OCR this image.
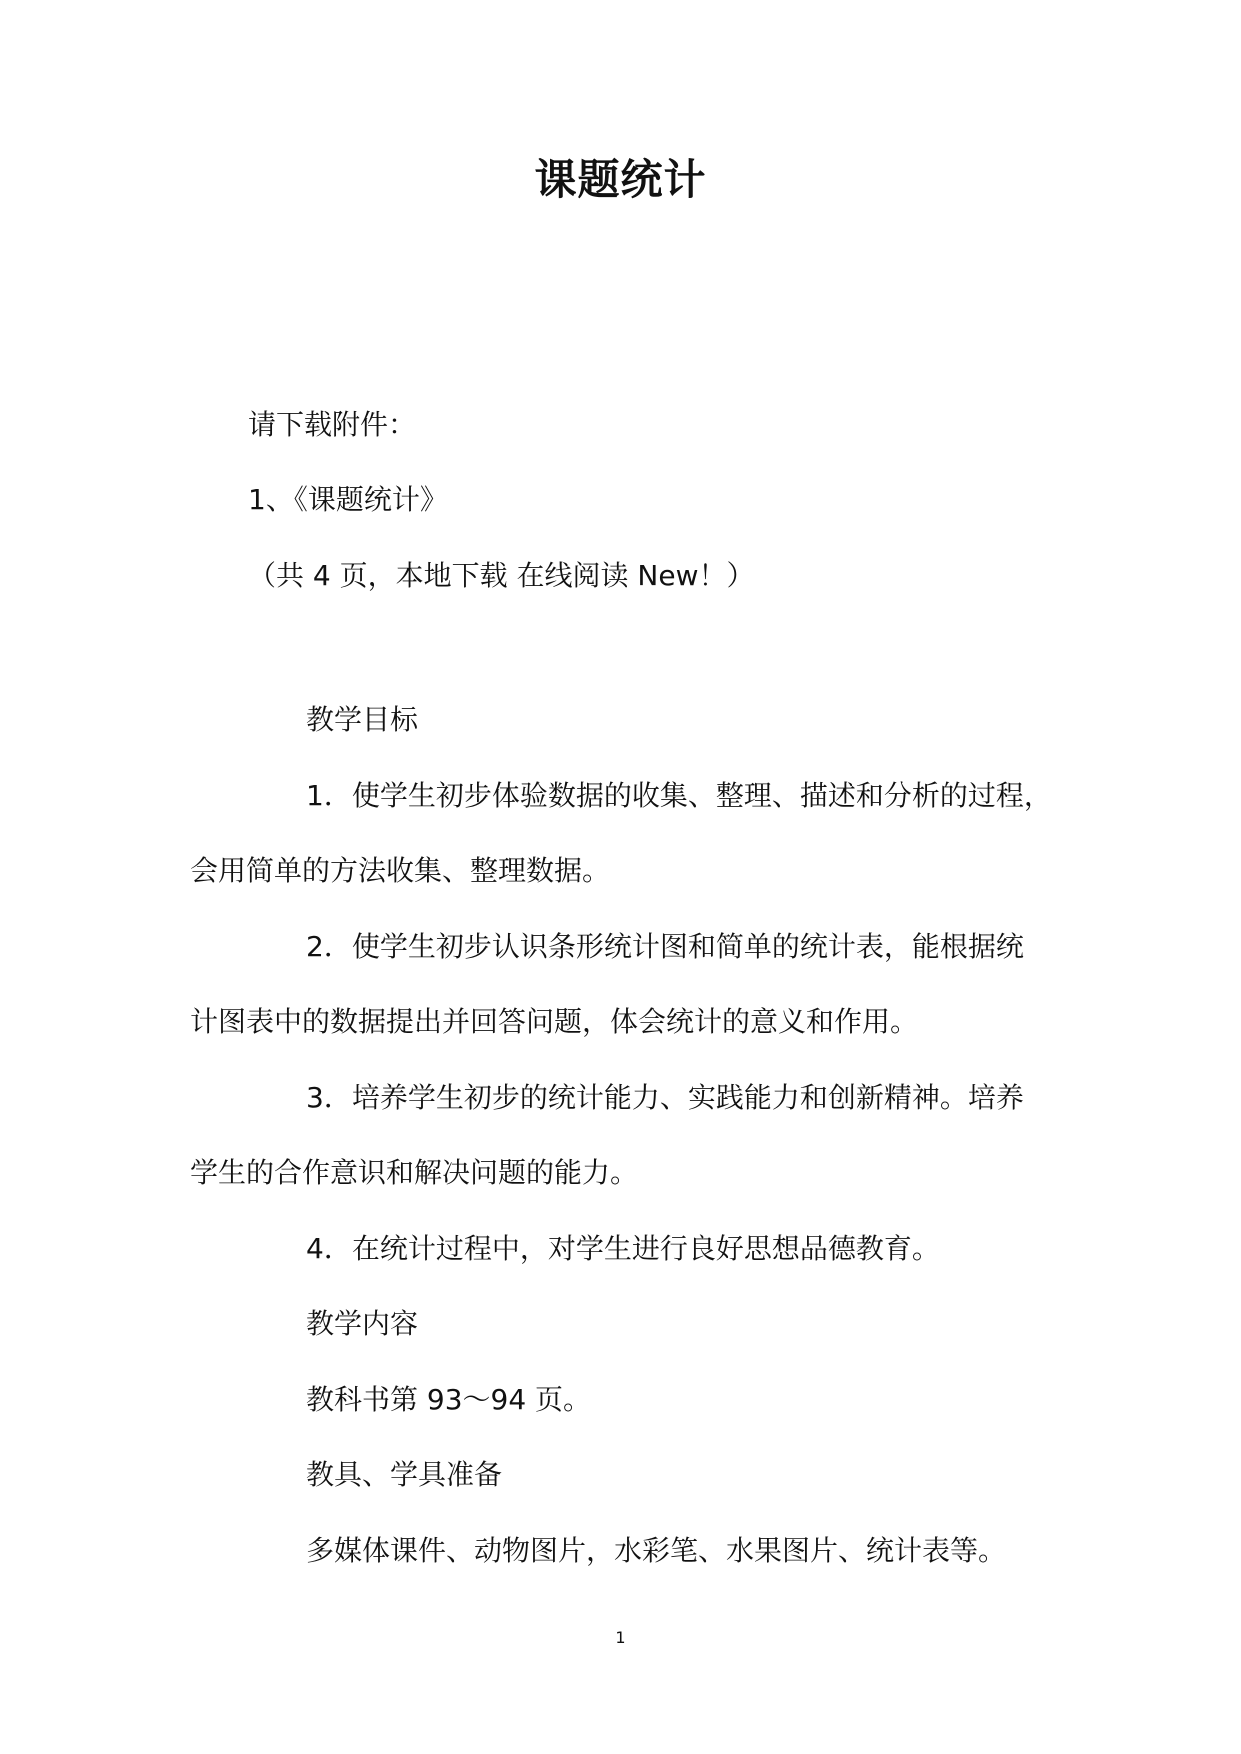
课题统计
请下载附件：
1、《课题统计》
（共 4 页，本地下载 在线阅读 New！）
教学目标
1．使学生初步体验数据的收集、整理、描述和分析的过程，
会用简单的方法收集、整理数据。
2．使学生初步认识条形统计图和简单的统计表，能根据统
计图表中的数据提出并回答问题，体会统计的意义和作用。
3．培养学生初步的统计能力、实践能力和创新精神。培养
学生的合作意识和解决问题的能力。
4．在统计过程中，对学生进行良好思想品德教育。
教学内容
教科书第 93～94 页。
教具、学具准备
多媒体课件、动物图片，水彩笔、水果图片、统计表等。
1
